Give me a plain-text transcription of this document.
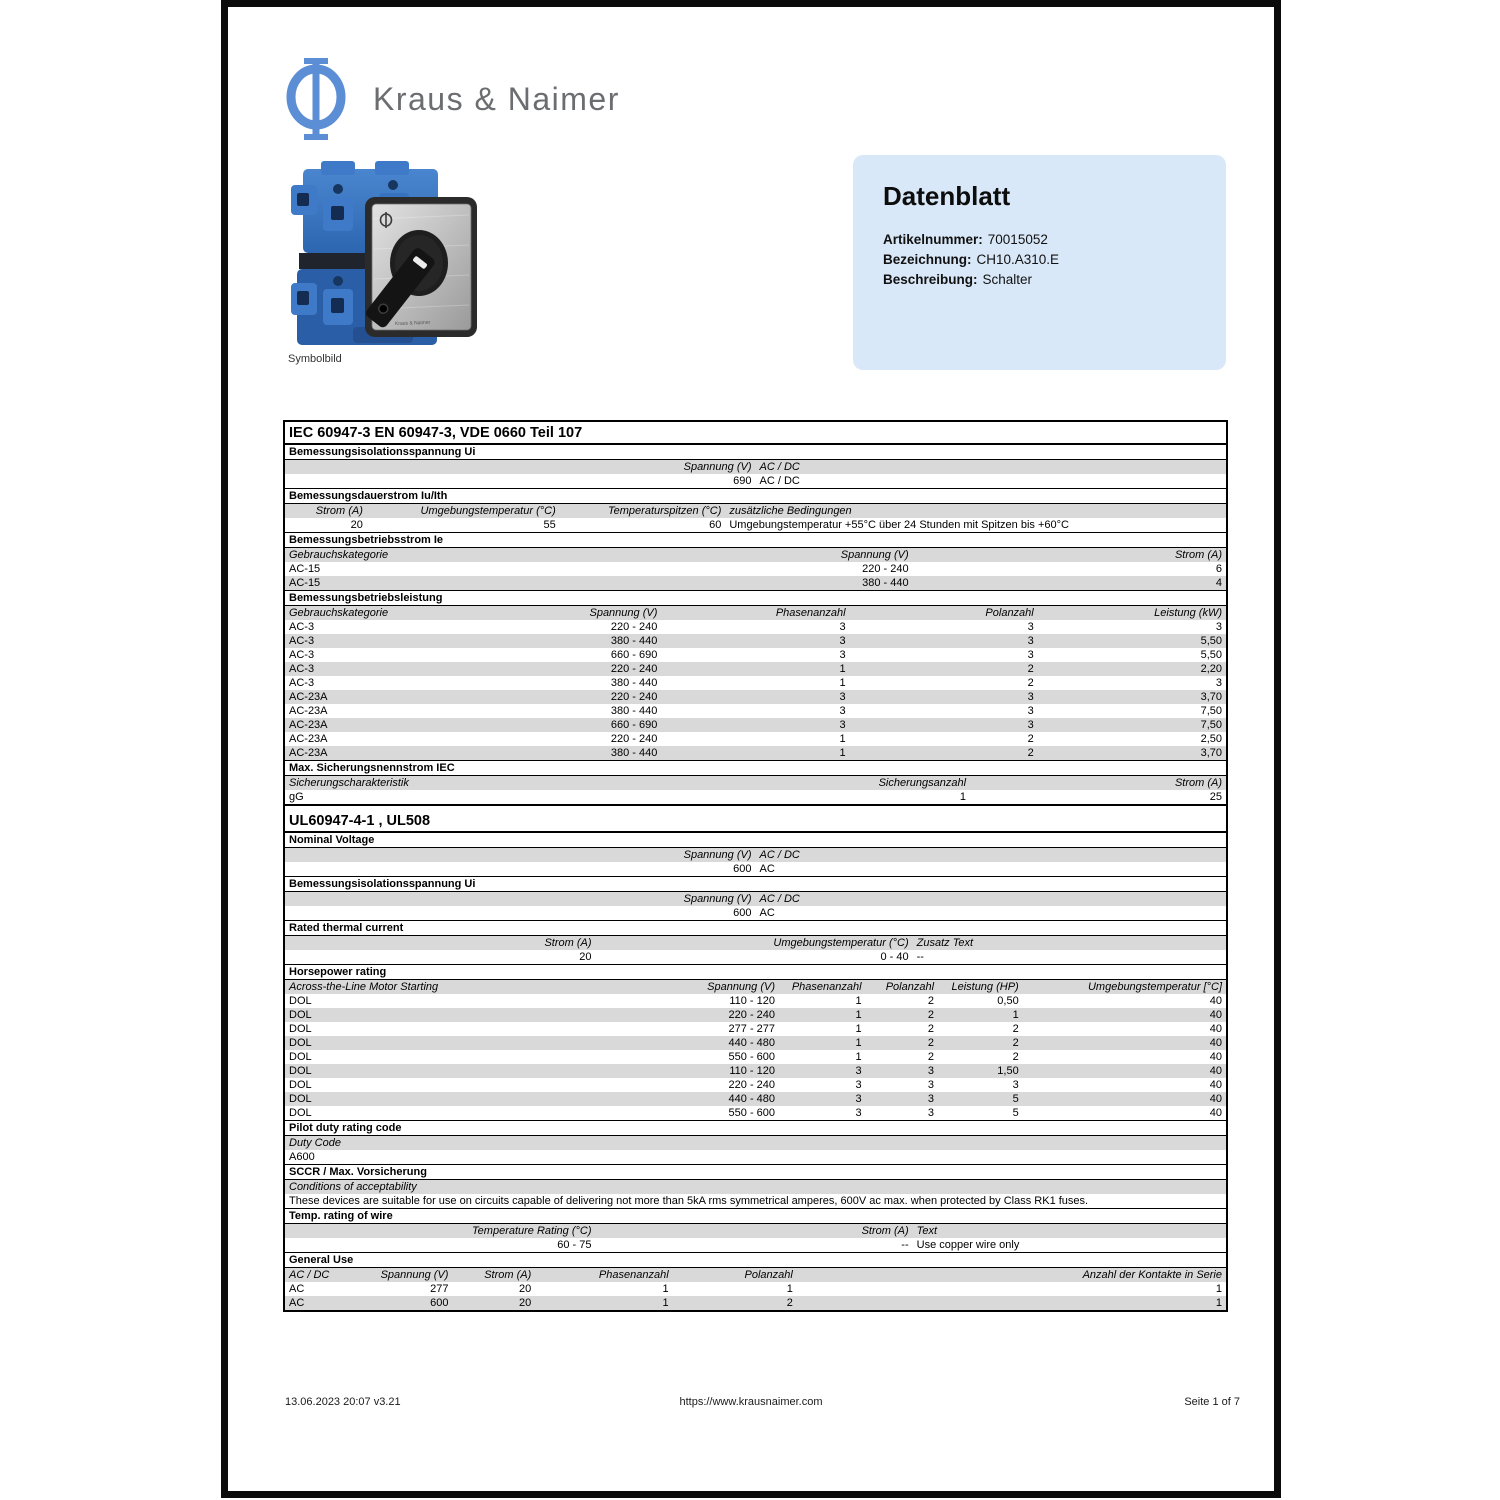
Kraus & Naimer
Kraus & Naimer
Symbolbild
Datenblatt
Artikelnummer: 70015052
Bezeichnung: CH10.A310.E
Beschreibung: Schalter
IEC 60947-3 EN 60947-3, VDE 0660 Teil 107
Bemessungsisolationsspannung Ui
Spannung (V)	AC / DC
690	AC / DC
Bemessungsdauerstrom Iu/Ith
Strom (A)	Umgebungstemperatur (°C)	Temperaturspitzen (°C)	zusätzliche Bedingungen
20	55	60	Umgebungstemperatur +55°C über 24 Stunden mit Spitzen bis +60°C
Bemessungsbetriebsstrom Ie
Gebrauchskategorie	Spannung (V)	Strom (A)
AC-15	220 - 240	6
AC-15	380 - 440	4
Bemessungsbetriebsleistung
Gebrauchskategorie	Spannung (V)	Phasenanzahl	Polanzahl	Leistung (kW)
AC-3	220 - 240	3	3	3
AC-3	380 - 440	3	3	5,50
AC-3	660 - 690	3	3	5,50
AC-3	220 - 240	1	2	2,20
AC-3	380 - 440	1	2	3
AC-23A	220 - 240	3	3	3,70
AC-23A	380 - 440	3	3	7,50
AC-23A	660 - 690	3	3	7,50
AC-23A	220 - 240	1	2	2,50
AC-23A	380 - 440	1	2	3,70
Max. Sicherungsnennstrom IEC
Sicherungscharakteristik	Sicherungsanzahl	Strom (A)
gG	1	25
UL60947-4-1 , UL508
Nominal Voltage
Spannung (V)	AC / DC
600	AC
Bemessungsisolationsspannung Ui
Spannung (V)	AC / DC
600	AC
Rated thermal current
Strom (A)	Umgebungstemperatur (°C)	Zusatz Text
20	0 - 40	--
Horsepower rating
Across-the-Line Motor Starting	Spannung (V)	Phasenanzahl	Polanzahl	Leistung (HP)	Umgebungstemperatur [°C]
DOL	110 - 120	1	2	0,50	40
DOL	220 - 240	1	2	1	40
DOL	277 - 277	1	2	2	40
DOL	440 - 480	1	2	2	40
DOL	550 - 600	1	2	2	40
DOL	110 - 120	3	3	1,50	40
DOL	220 - 240	3	3	3	40
DOL	440 - 480	3	3	5	40
DOL	550 - 600	3	3	5	40
Pilot duty rating code
Duty Code
A600
SCCR / Max. Vorsicherung
Conditions of acceptability
These devices are suitable for use on circuits capable of delivering not more than 5kA rms symmetrical amperes, 600V ac max. when protected by Class RK1 fuses.
Temp. rating of wire
Temperature Rating (°C)	Strom (A)	Text
60 - 75	--	Use copper wire only
General Use
AC / DC	Spannung (V)	Strom (A)	Phasenanzahl	Polanzahl	Anzahl der Kontakte in Serie
AC	277	20	1	1	1
AC	600	20	1	2	1
13.06.2023 20:07 v3.21	https://www.krausnaimer.com	Seite 1 of 7
